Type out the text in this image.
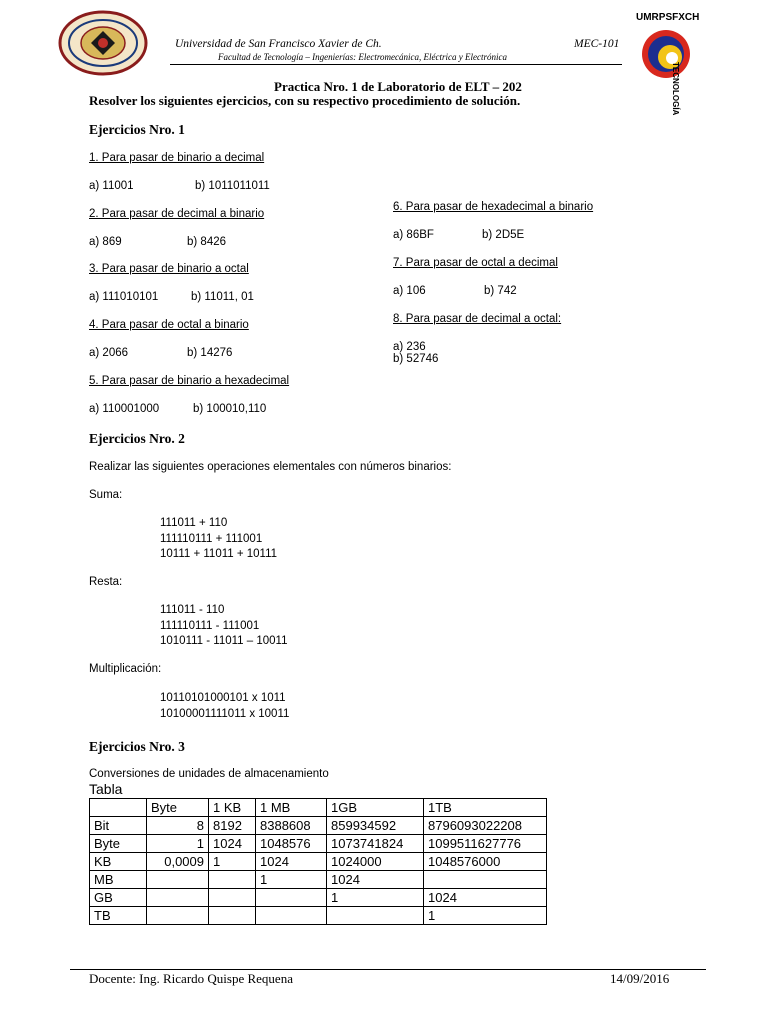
UMRPSFXCH
TECNOLOGÍA
Universidad de San Francisco Xavier de Ch.	MEC-101
Facultad de Tecnología – Ingenierías: Electromecánica, Eléctrica y Electrónica
Practica Nro. 1 de Laboratorio de ELT – 202
Resolver los siguientes ejercicios, con su respectivo procedimiento de solución.
Ejercicios Nro. 1
1. Para pasar de binario a decimal
a) 11001	b) 1011011011
2. Para pasar de decimal a binario
a) 869	b) 8426
3. Para pasar de binario a octal
a) 111010101	b) 11011, 01
4. Para pasar de octal a binario
a) 2066	b) 14276
5. Para pasar de binario a hexadecimal
a) 110001000	b) 100010,110
6. Para pasar de hexadecimal a binario
a) 86BF	b) 2D5E
7. Para pasar de octal a decimal
a) 106	b) 742
8. Para pasar de decimal a octal:
a) 236
b) 52746
Ejercicios Nro. 2
Realizar las siguientes operaciones elementales con números binarios:
Suma:
111011 + 110
111110111 + 111001
10111 + 11011 + 10111
Resta:
111011 - 110
111110111 - 111001
1010111 - 11011 – 10011
Multiplicación:
10110101000101 x 1011
10100001111011 x 10011
Ejercicios Nro. 3
Conversiones de unidades de almacenamiento
Tabla
	Byte	1 KB	1 MB	1GB	1TB
Bit	8	8192	8388608	859934592	8796093022208
Byte	1	1024	1048576	1073741824	1099511627776
KB	0,0009	1	1024	1024000	1048576000
MB			1	1024	
GB				1	1024
TB					1
Docente: Ing. Ricardo Quispe Requena	14/09/2016
